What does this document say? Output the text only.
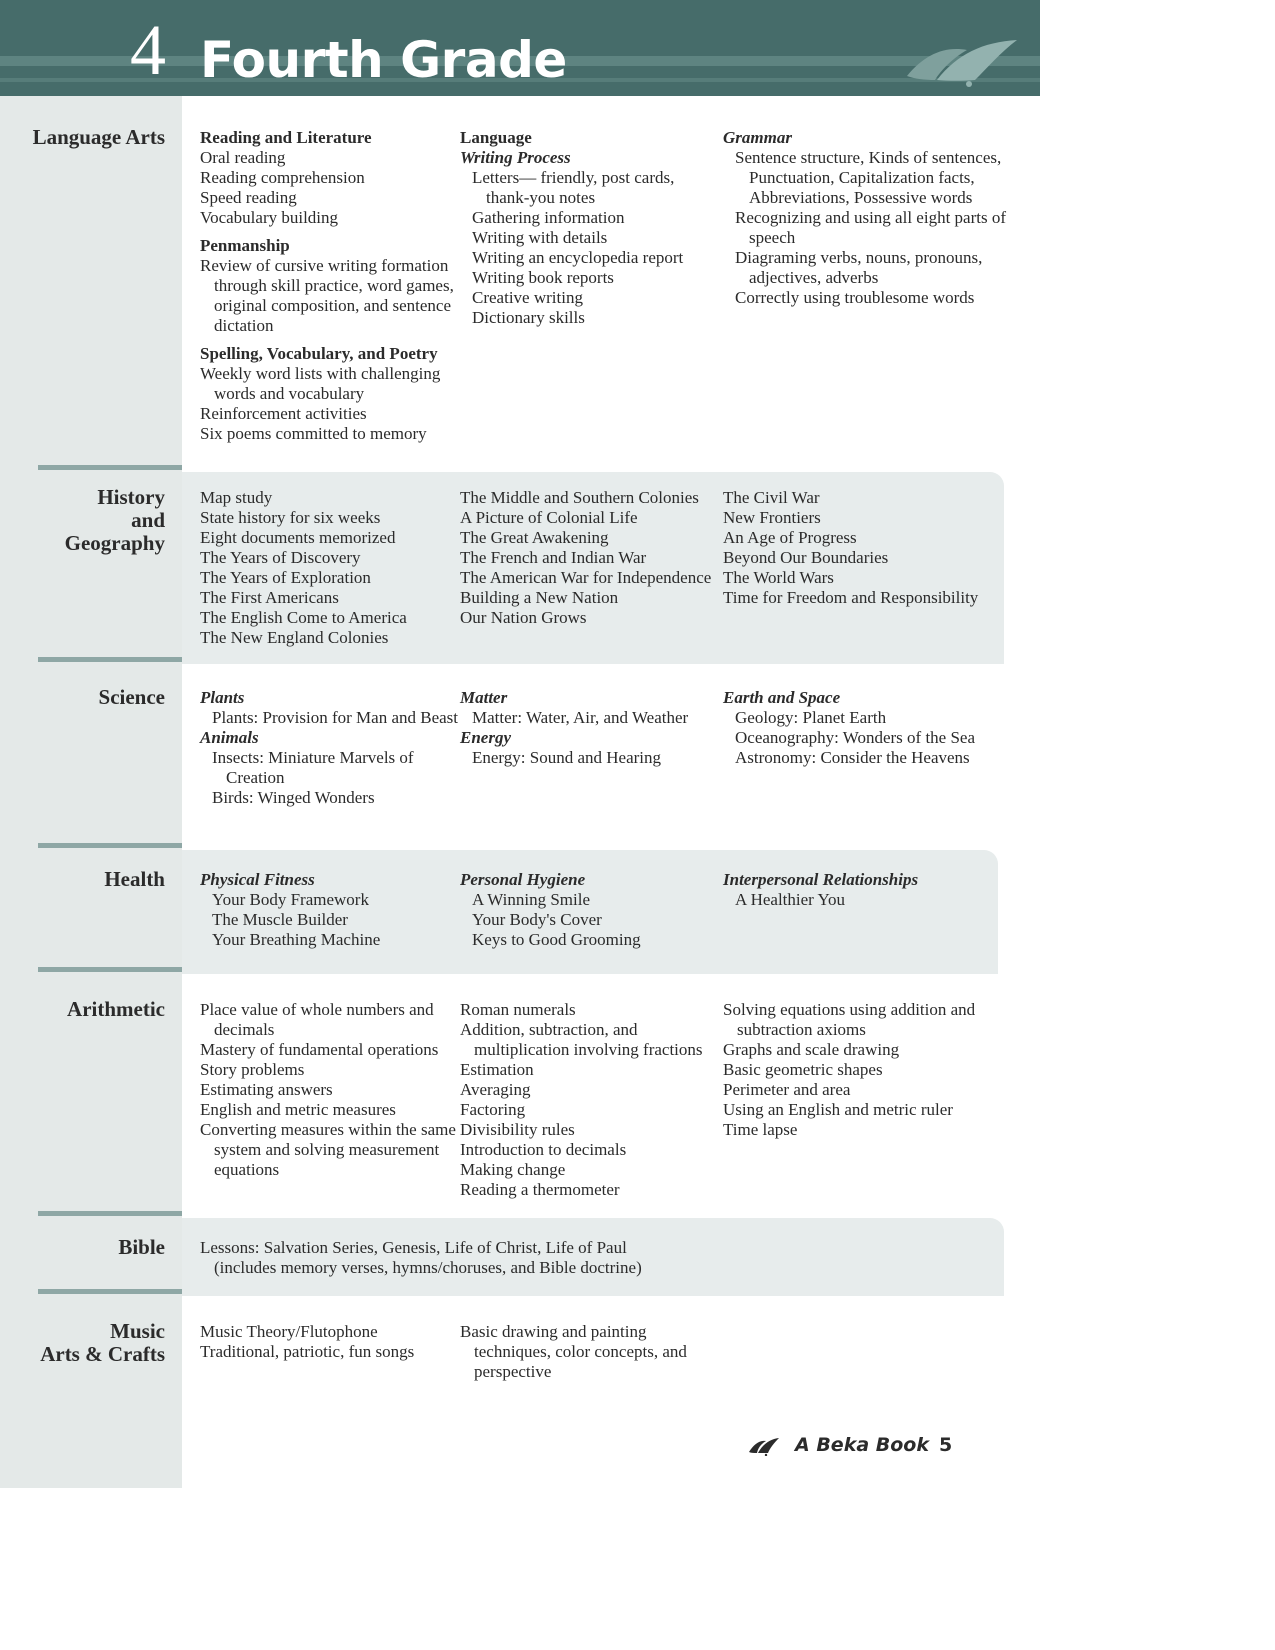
4 Fourth Grade
Language Arts Reading and Literature
Oral reading
Reading comprehension
Speed reading
Vocabulary building
Penmanship
Review of cursive writing formation through skill practice, word games, original composition, and sentence dictation
Spelling, Vocabulary, and Poetry
Weekly word lists with challenging words and vocabulary
Reinforcement activities
Six poems committed to memory
Language
Writing Process
Letters— friendly, post cards, thank-you notes
Gathering information
Writing with details
Writing an encyclopedia report
Writing book reports
Creative writing
Dictionary skills
Grammar
Sentence structure, Kinds of sentences, Punctuation, Capitalization facts, Abbreviations, Possessive words
Recognizing and using all eight parts of speech
Diagraming verbs, nouns, pronouns, adjectives, adverbs
Correctly using troublesome words
History
and
Geography
Map study
State history for six weeks
Eight documents memorized
The Years of Discovery
The Years of Exploration
The First Americans
The English Come to America
The New England Colonies
The Middle and Southern Colonies
A Picture of Colonial Life
The Great Awakening
The French and Indian War
The American War for Independence
Building a New Nation
Our Nation Grows
The Civil War
New Frontiers
An Age of Progress
Beyond Our Boundaries
The World Wars
Time for Freedom and Responsibility
Science Plants
Plants: Provision for Man and Beast
Animals
Insects: Miniature Marvels of Creation
Birds: Winged Wonders
Matter
Matter: Water, Air, and Weather
Energy
Energy: Sound and Hearing
Earth and Space
Geology: Planet Earth
Oceanography: Wonders of the Sea
Astronomy: Consider the Heavens
Health Physical Fitness
Your Body Framework
The Muscle Builder
Your Breathing Machine
Personal Hygiene
A Winning Smile
Your Body's Cover
Keys to Good Grooming
Interpersonal Relationships
A Healthier You
Arithmetic Place value of whole numbers and decimals
Mastery of fundamental operations
Story problems
Estimating answers
English and metric measures
Converting measures within the same system and solving measurement equations
Roman numerals
Addition, subtraction, and multiplication involving fractions
Estimation
Averaging
Factoring
Divisibility rules
Introduction to decimals
Making change
Reading a thermometer
Solving equations using addition and subtraction axioms
Graphs and scale drawing
Basic geometric shapes
Perimeter and area
Using an English and metric ruler
Time lapse
Bible Lessons: Salvation Series, Genesis, Life of Christ, Life of Paul (includes memory verses, hymns/choruses, and Bible doctrine)
Music
Arts & Crafts
Music Theory/Flutophone
Traditional, patriotic, fun songs
Basic drawing and painting techniques, color concepts, and perspective
A Beka Book 5
